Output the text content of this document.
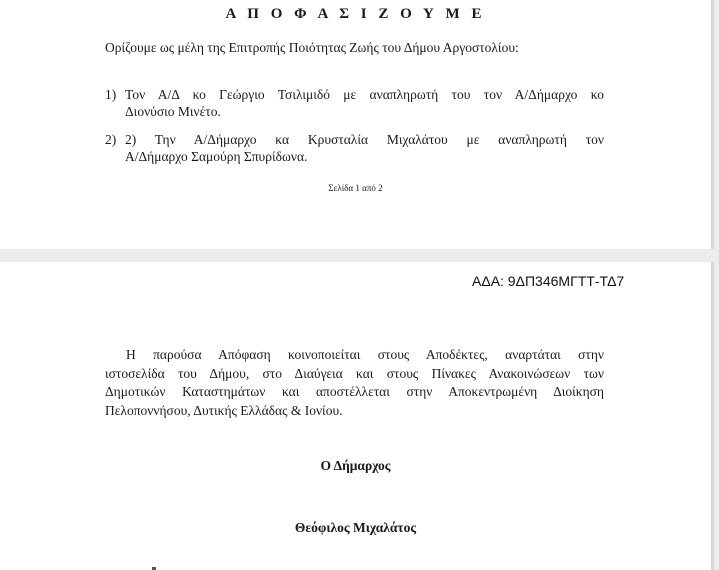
Α Π Ο Φ Α Σ Ι Ζ Ο Υ Μ Ε
Ορίζουμε ως μέλη της Επιτροπής Ποιότητας Ζωής του Δήμου Αργοστολίου:
1) Τον Α/Δ κο Γεώργιο Τσιλιμιδό με αναπληρωτή του τον Α/Δήμαρχο κο
Διονύσιο Μινέτο.
2) 2) Την Α/Δήμαρχο κα Κρυσταλία Μιχαλάτου με αναπληρωτή τον
Α/Δήμαρχο Σαμούρη Σπυρίδωνα.
Σελίδα 1 από 2
ΑΔΑ: 9ΔΠ346ΜΓΤΤ-ΤΔ7
Η παρούσα Απόφαση κοινοποιείται στους Αποδέκτες, αναρτάται στην
ιστοσελίδα του Δήμου, στο Διαύγεια και στους Πίνακες Ανακοινώσεων των
Δημοτικών Καταστημάτων και αποστέλλεται στην Αποκεντρωμένη Διοίκηση
Πελοποννήσου, Δυτικής Ελλάδας & Ιονίου.
Ο Δήμαρχος
Θεόφιλος Μιχαλάτος
